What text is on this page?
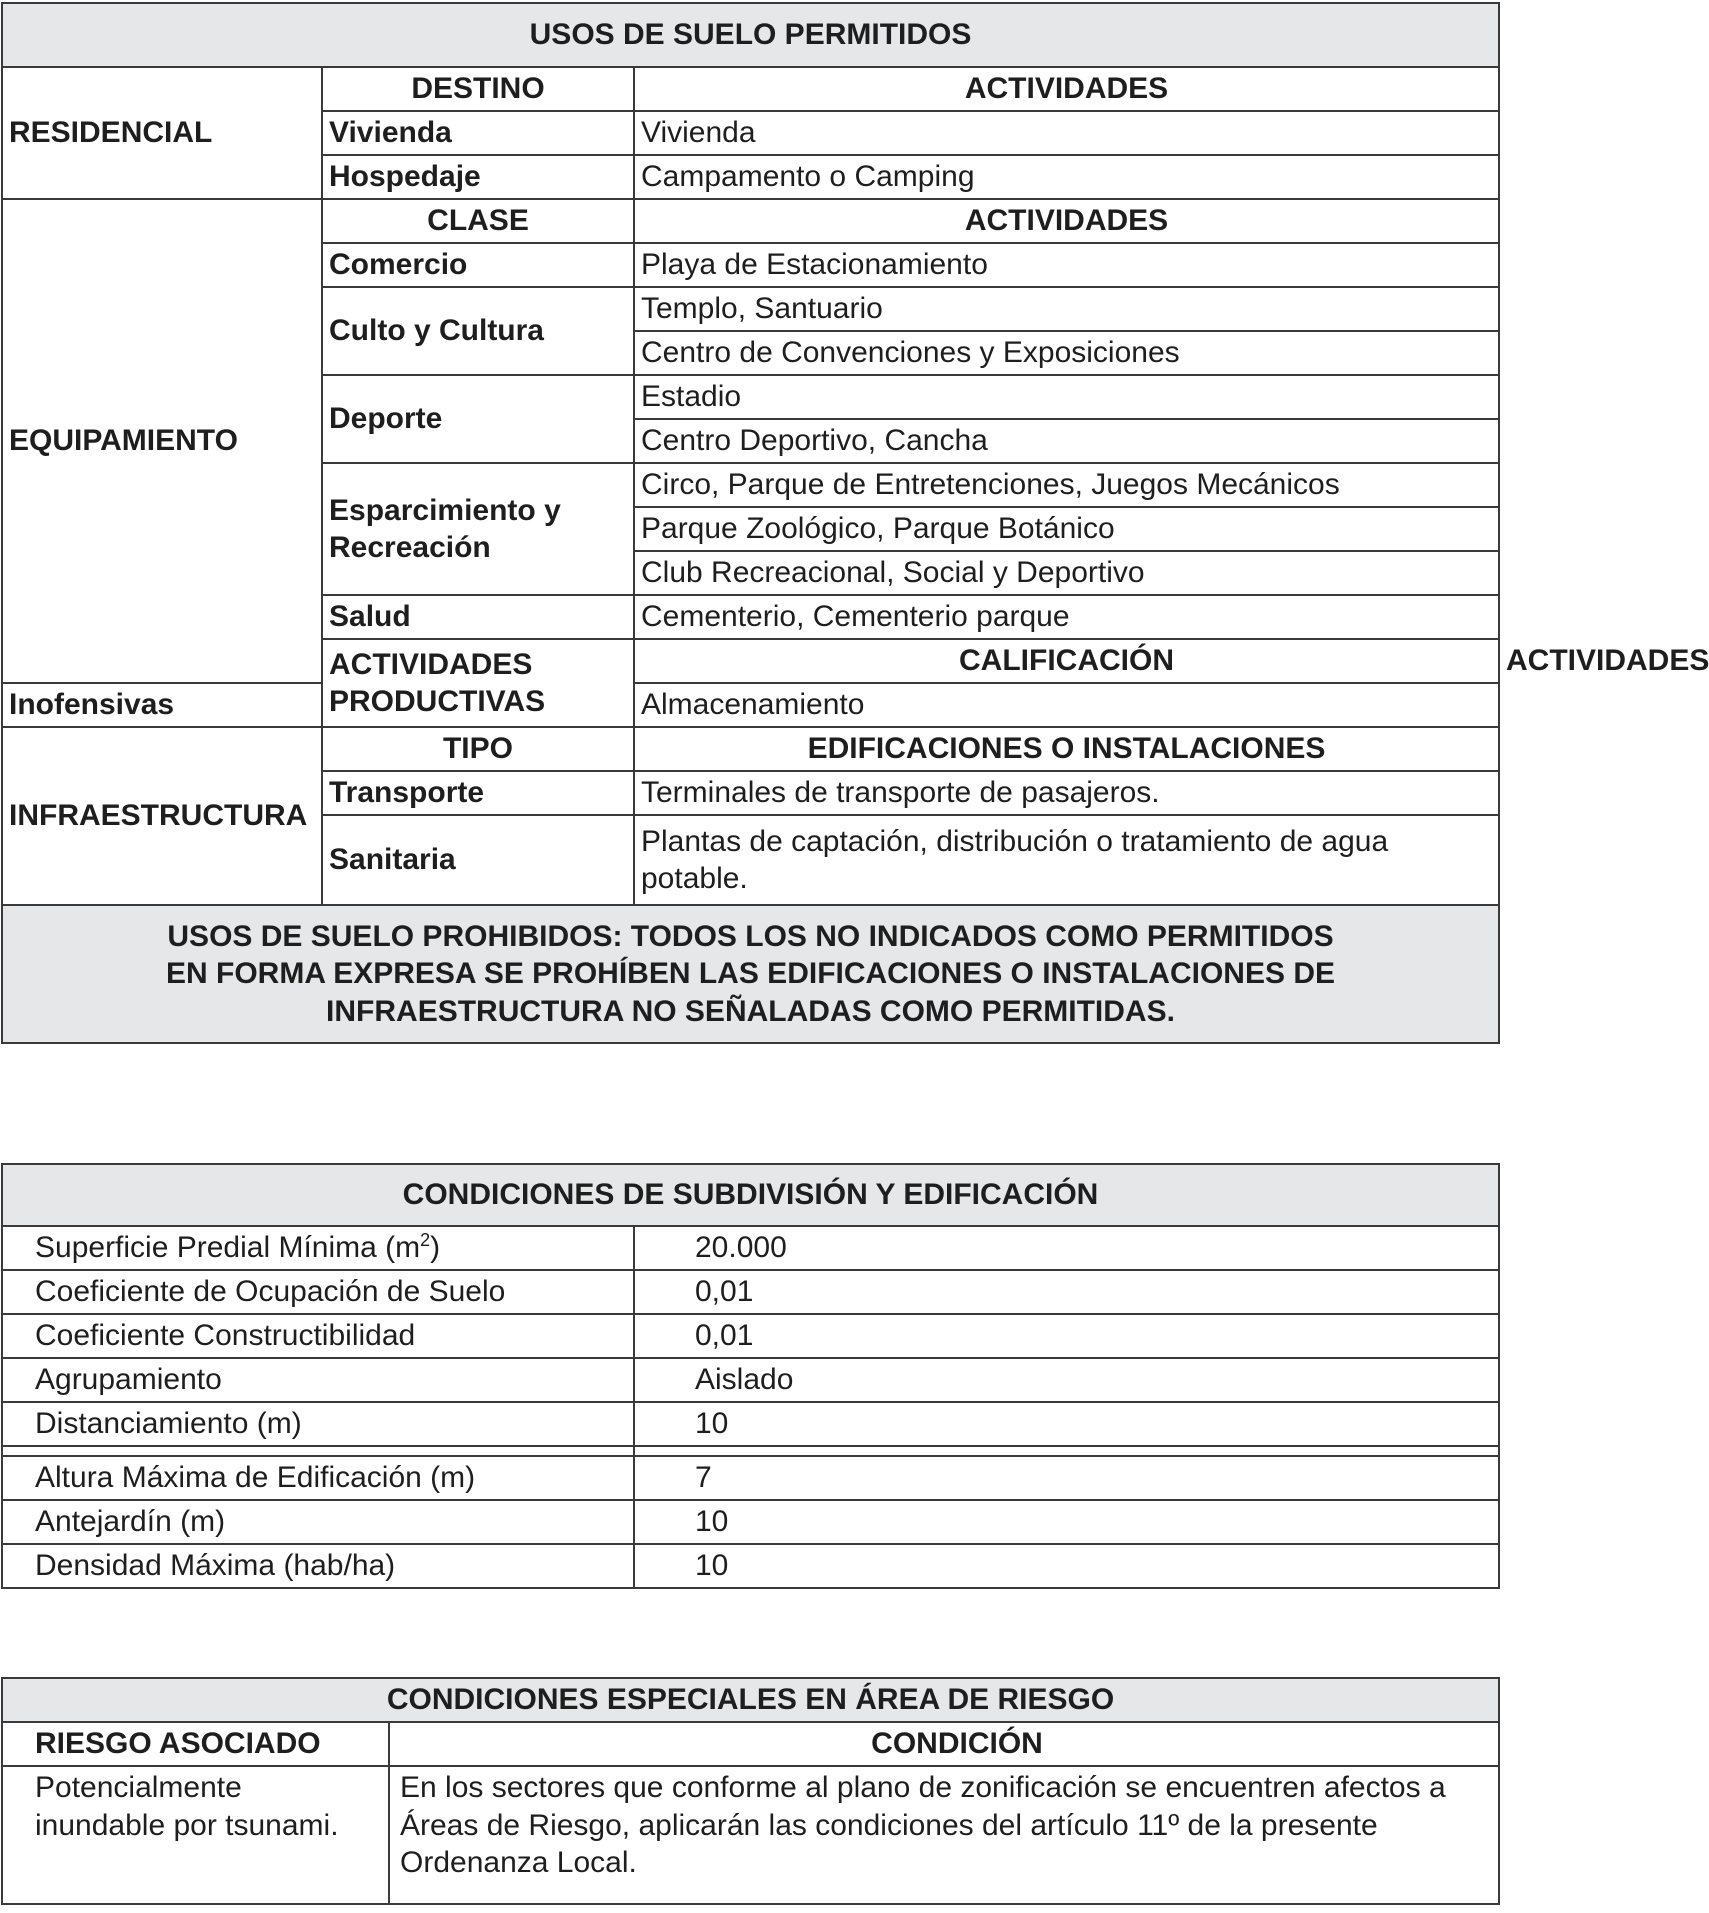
USOS DE SUELO PERMITIDOS			
RESIDENCIAL	DESTINO	ACTIVIDADES	
	Vivienda	Vivienda	
	Hospedaje	Campamento o Camping	
EQUIPAMIENTO	CLASE	ACTIVIDADES	
	Comercio	Playa de Estacionamiento	
	Culto y Cultura	Templo, Santuario	
		Centro de Convenciones y Exposiciones	
	Deporte	Estadio	
		Centro Deportivo, Cancha	
	Esparcimiento y Recreación	Circo, Parque de Entretenciones, Juegos Mecánicos	
		Parque Zoológico, Parque Botánico	
		Club Recreacional, Social y Deportivo	
	Salud	Cementerio, Cementerio parque	
	ACTIVIDADES PRODUCTIVAS	CALIFICACIÓN	ACTIVIDADES
Inofensivas		Almacenamiento	
INFRAESTRUCTURA	TIPO	EDIFICACIONES O INSTALACIONES	
	Transporte	Terminales de transporte de pasajeros.	
	Sanitaria	Plantas de captación, distribución o tratamiento de agua potable.	

USOS DE SUELO PROHIBIDOS: TODOS LOS NO INDICADOS COMO PERMITIDOS
EN FORMA EXPRESA SE PROHÍBEN LAS EDIFICACIONES O INSTALACIONES DE
INFRAESTRUCTURA NO SEÑALADAS COMO PERMITIDAS.			
CONDICIONES DE SUBDIVISIÓN Y EDIFICACIÓN	
Superficie Predial Mínima $(m^2)$	20.000
Coeficiente de Ocupación de Suelo	0,01
Coeficiente Constructibilidad	0,01
Agrupamiento	Aislado
Distanciamiento (m)	10

Altura Máxima de Edificación (m)	7
Antejardín (m)	10
Densidad Máxima (hab/ha)	10
CONDICIONES ESPECIALES EN ÁREA DE RIESGO	
RIESGO ASOCIADO	CONDICIÓN
Potencialmente inundable por tsunami.	En los sectores que conforme al plano de zonificación se encuentren afectos a Áreas de Riesgo, aplicarán las condiciones del artículo 11º de la presente Ordenanza Local.
